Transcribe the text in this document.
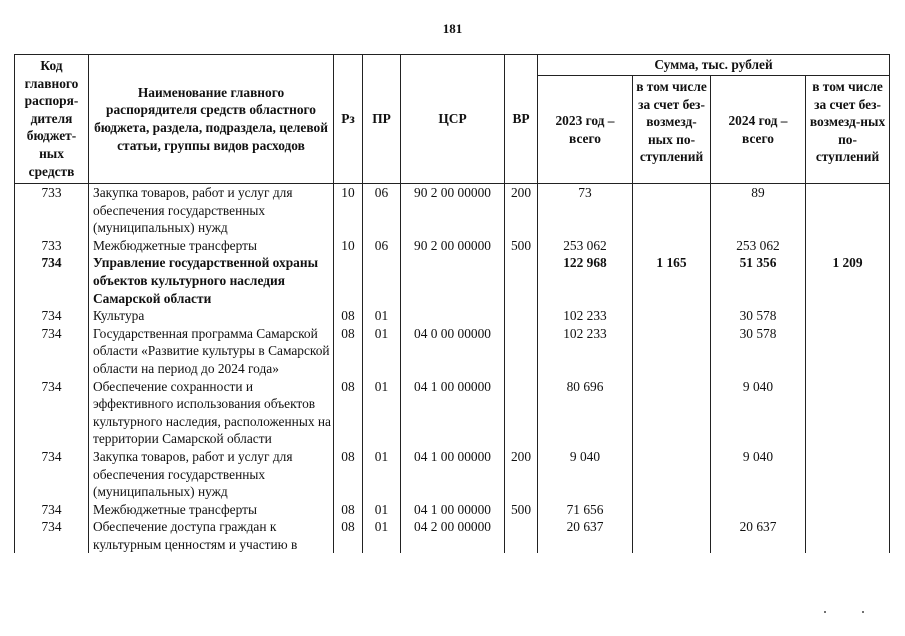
181
Код главного распоря-дителя бюджет-ных средств	Наименование главного распорядителя средств областного бюджета, раздела, подраздела, целевой статьи, группы видов расходов	Рз	ПР	ЦСР	ВР	Сумма, тыс. рублей			
						2023 год – всего	в том числе за счет без-возмезд-ных по-ступлений	2024 год – всего	в том числе за счет без-возмезд-ных по-ступлений
733	Закупка товаров, работ и услуг для обеспечения государственных (муниципальных) нужд	10	06	90 2 00 00000	200	73		89	
733	Межбюджетные трансферты	10	06	90 2 00 00000	500	253 062		253 062	
734	Управление государственной охраны объектов культурного наследия Самарской области					122 968	1 165	51 356	1 209
734	Культура	08	01			102 233		30 578	
734	Государственная программа Самарской области «Развитие культуры в Самарской области на период до 2024 года»	08	01	04 0 00 00000		102 233		30 578	
734	Обеспечение сохранности и эффективного использования объектов культурного наследия, расположенных на территории Самарской области	08	01	04 1 00 00000		80 696		9 040	
734	Закупка товаров, работ и услуг для обеспечения государственных (муниципальных) нужд	08	01	04 1 00 00000	200	9 040		9 040	
734	Межбюджетные трансферты	08	01	04 1 00 00000	500	71 656			
734	Обеспечение доступа граждан к культурным ценностям и участию в	08	01	04 2 00 00000		20 637		20 637	
